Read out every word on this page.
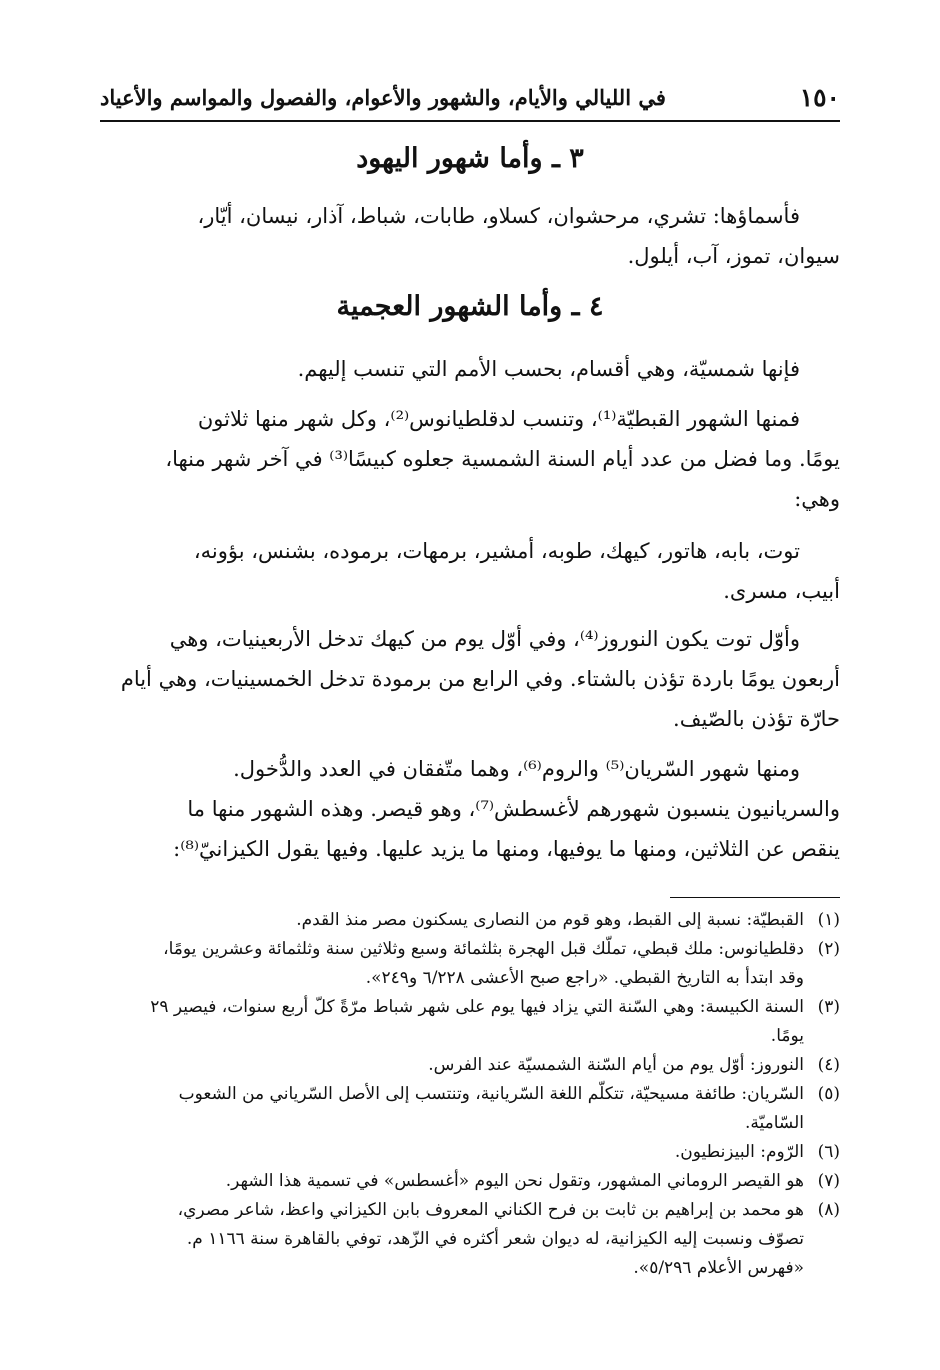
١٥٠
في الليالي والأيام، والشهور والأعوام، والفصول والمواسم والأعياد
٣ ـ وأما شهور اليهود
فأسماؤها: تشري، مرحشوان، كسلاو، طابات، شباط، آذار، نيسان، أيّار،
سيوان، تموز، آب، أيلول.
٤ ـ وأما الشهور العجمية
فإنها شمسيّة، وهي أقسام، بحسب الأمم التي تنسب إليهم.
فمنها الشهور القبطيّة⁽¹⁾، وتنسب لدقلطيانوس⁽²⁾، وكل شهر منها ثلاثون
يومًا. وما فضل من عدد أيام السنة الشمسية جعلوه كبيسًا⁽³⁾ في آخر شهر منها،
وهي:
توت، بابه، هاتور، كيهك، طوبه، أمشير، برمهات، برموده، بشنس، بؤونه،
أبيب، مسرى.
وأوّل توت يكون النوروز⁽⁴⁾، وفي أوّل يوم من كيهك تدخل الأربعينيات، وهي
أربعون يومًا باردة تؤذن بالشتاء. وفي الرابع من برمودة تدخل الخمسينيات، وهي أيام
حارّة تؤذن بالصّيف.
ومنها شهور السّريان⁽⁵⁾ والروم⁽⁶⁾، وهما متّفقان في العدد والدُّخول.
والسريانيون ينسبون شهورهم لأغسطش⁽⁷⁾، وهو قيصر. وهذه الشهور منها ما
ينقص عن الثلاثين، ومنها ما يوفيها، ومنها ما يزيد عليها. وفيها يقول الكيزانيّ⁽⁸⁾:
(١)
القبطيّة: نسبة إلى القبط، وهو قوم من النصارى يسكنون مصر منذ القدم.
(٢)
دقلطيانوس: ملك قبطي، تملّك قبل الهجرة بثلثمائة وسبع وثلاثين سنة وثلثمائة وعشرين يومًا،
وقد ابتدأ به التاريخ القبطي. «راجع صبح الأعشى ٦/٢٢٨ و٢٤٩».
(٣)
السنة الكبيسة: وهي السّنة التي يزاد فيها يوم على شهر شباط مرّةً كلّ أربع سنوات، فيصير ٢٩
يومًا.
(٤)
النوروز: أوّل يوم من أيام السّنة الشمسيّة عند الفرس.
(٥)
السّريان: طائفة مسيحيّة، تتكلّم اللغة السّريانية، وتنتسب إلى الأصل السّرياني من الشعوب
السّاميّة.
(٦)
الرّوم: البيزنطيون.
(٧)
هو القيصر الروماني المشهور، وتقول نحن اليوم «أغسطس» في تسمية هذا الشهر.
(٨)
هو محمد بن إبراهيم بن ثابت بن فرح الكناني المعروف بابن الكيزاني واعظ، شاعر مصري،
تصوّف ونسبت إليه الكيزانية، له ديوان شعر أكثره في الزّهد، توفي بالقاهرة سنة ١١٦٦ م.
«فهرس الأعلام ٥/٢٩٦».
